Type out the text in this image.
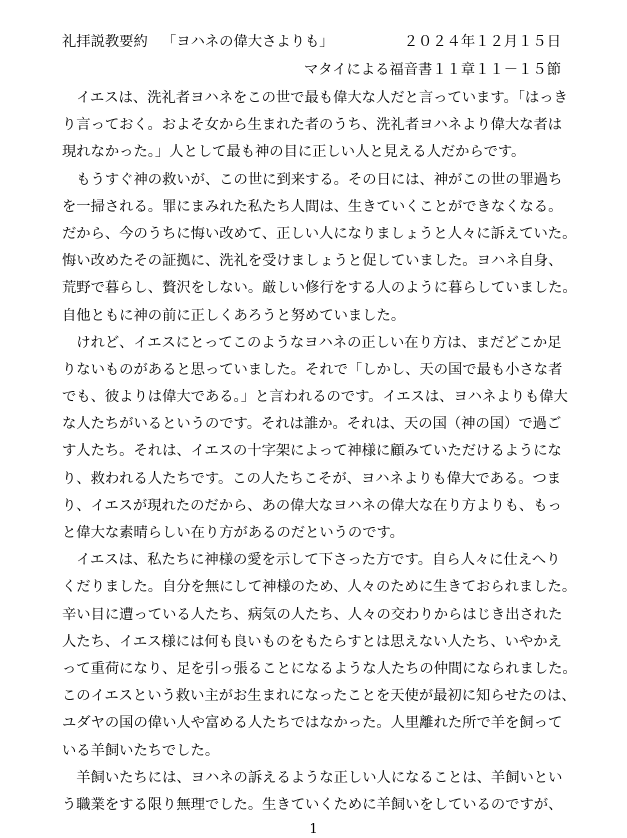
礼拝説教要約 「ヨハネの偉大さよりも」	２０２４年１２月１５日
マタイによる福音書１１章１１－１５節
イエスは、洗礼者ヨハネをこの世で最も偉大な人だと言っています。「はっき
り言っておく。およそ女から生まれた者のうち、洗礼者ヨハネより偉大な者は
現れなかった。」人として最も神の目に正しい人と見える人だからです。
もうすぐ神の救いが、この世に到来する。その日には、神がこの世の罪過ち
を一掃される。罪にまみれた私たち人間は、生きていくことができなくなる。
だから、今のうちに悔い改めて、正しい人になりましょうと人々に訴えていた。
悔い改めたその証拠に、洗礼を受けましょうと促していました。ヨハネ自身、
荒野で暮らし、贅沢をしない。厳しい修行をする人のように暮らしていました。
自他ともに神の前に正しくあろうと努めていました。
けれど、イエスにとってこのようなヨハネの正しい在り方は、まだどこか足
りないものがあると思っていました。それで「しかし、天の国で最も小さな者
でも、彼よりは偉大である。」と言われるのです。イエスは、ヨハネよりも偉大
な人たちがいるというのです。それは誰か。それは、天の国（神の国）で過ご
す人たち。それは、イエスの十字架によって神様に顧みていただけるようにな
り、救われる人たちです。この人たちこそが、ヨハネよりも偉大である。つま
り、イエスが現れたのだから、あの偉大なヨハネの偉大な在り方よりも、もっ
と偉大な素晴らしい在り方があるのだというのです。
イエスは、私たちに神様の愛を示して下さった方です。自ら人々に仕えへり
くだりました。自分を無にして神様のため、人々のために生きておられました。
辛い目に遭っている人たち、病気の人たち、人々の交わりからはじき出された
人たち、イエス様には何も良いものをもたらすとは思えない人たち、いやかえ
って重荷になり、足を引っ張ることになるような人たちの仲間になられました。
このイエスという救い主がお生まれになったことを天使が最初に知らせたのは、
ユダヤの国の偉い人や富める人たちではなかった。人里離れた所で羊を飼って
いる羊飼いたちでした。
羊飼いたちには、ヨハネの訴えるような正しい人になることは、羊飼いとい
う職業をする限り無理でした。生きていくために羊飼いをしているのですが、
1
